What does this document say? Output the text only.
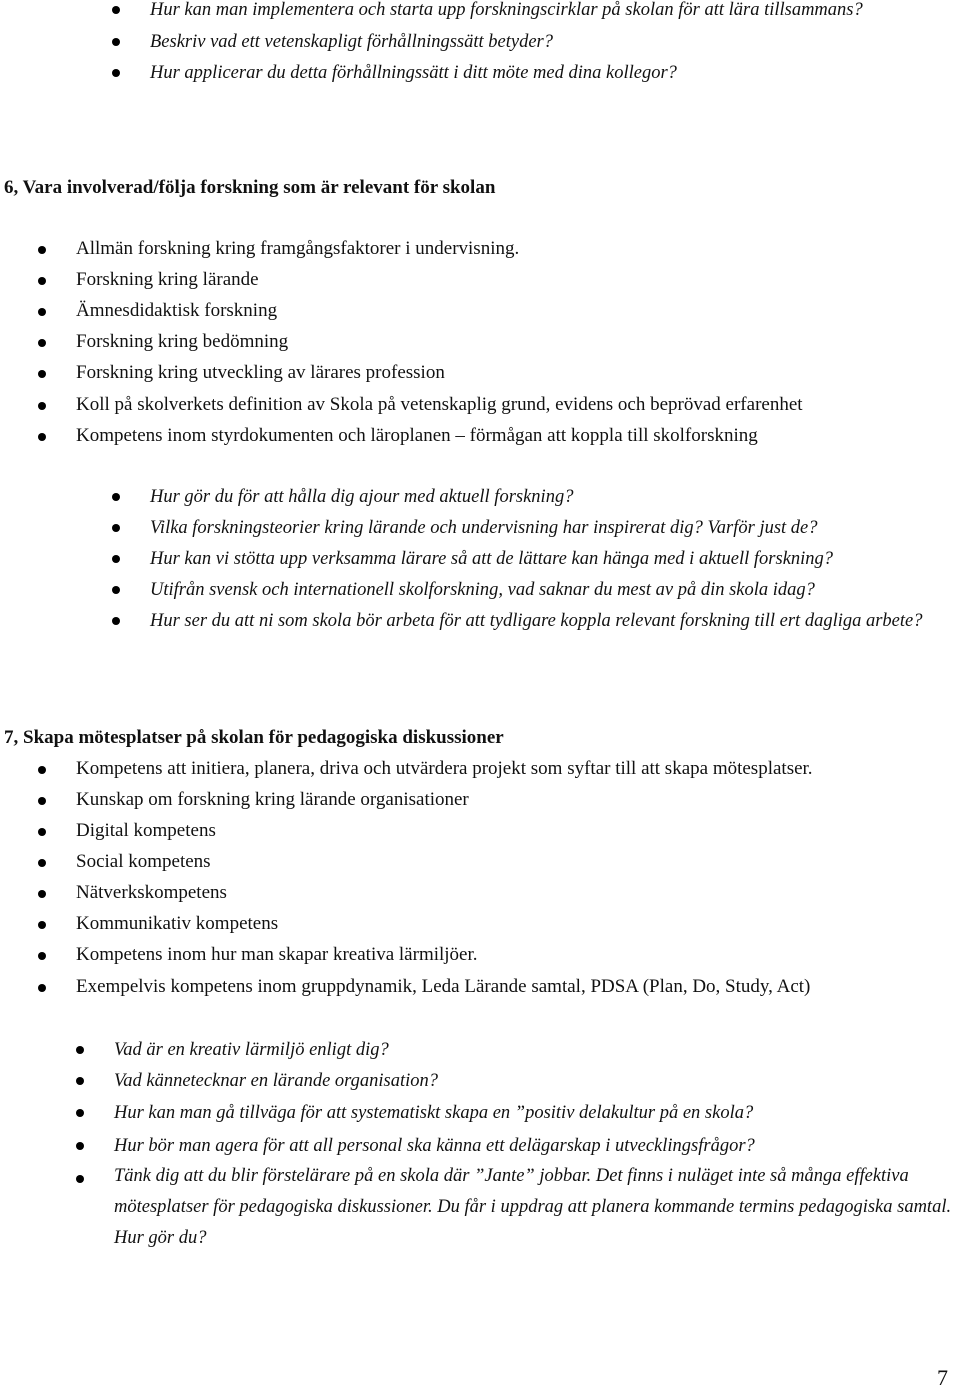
Hur kan man implementera och starta upp forskningscirklar på skolan för att lära tillsammans?
Beskriv vad ett vetenskapligt förhållningssätt betyder?
Hur applicerar du detta förhållningssätt i ditt möte med dina kollegor?
6, Vara involverad/följa forskning som är relevant för skolan
Allmän forskning kring framgångsfaktorer i undervisning.
Forskning kring lärande
Ämnesdidaktisk forskning
Forskning kring bedömning
Forskning kring utveckling av lärares profession
Koll på skolverkets definition av Skola på vetenskaplig grund, evidens och beprövad erfarenhet
Kompetens inom styrdokumenten och läroplanen – förmågan att koppla till skolforskning
Hur gör du för att hålla dig ajour med aktuell forskning?
Vilka forskningsteorier kring lärande och undervisning har inspirerat dig? Varför just de?
Hur kan vi stötta upp verksamma lärare så att de lättare kan hänga med i aktuell forskning?
Utifrån svensk och internationell skolforskning, vad saknar du mest av på din skola idag?
Hur ser du att ni som skola bör arbeta för att tydligare koppla relevant forskning till ert dagliga arbete?
7, Skapa mötesplatser på skolan för pedagogiska diskussioner
Kompetens att initiera, planera, driva och utvärdera projekt som syftar till att skapa mötesplatser.
Kunskap om forskning kring lärande organisationer
Digital kompetens
Social kompetens
Nätverkskompetens
Kommunikativ kompetens
Kompetens inom hur man skapar kreativa lärmiljöer.
Exempelvis kompetens inom gruppdynamik, Leda Lärande samtal, PDSA (Plan, Do, Study, Act)
Vad är en kreativ lärmiljö enligt dig?
Vad kännetecknar en lärande organisation?
Hur kan man gå tillväga för att systematiskt skapa en ”positiv delakultur på en skola?
Hur bör man agera för att all personal ska känna ett delägarskap i utvecklingsfrågor?
Tänk dig att du blir förstelärare på en skola där ”Jante” jobbar. Det finns i nuläget inte så många effektiva mötesplatser för pedagogiska diskussioner. Du får i uppdrag att planera kommande termins pedagogiska samtal. Hur gör du?
7
